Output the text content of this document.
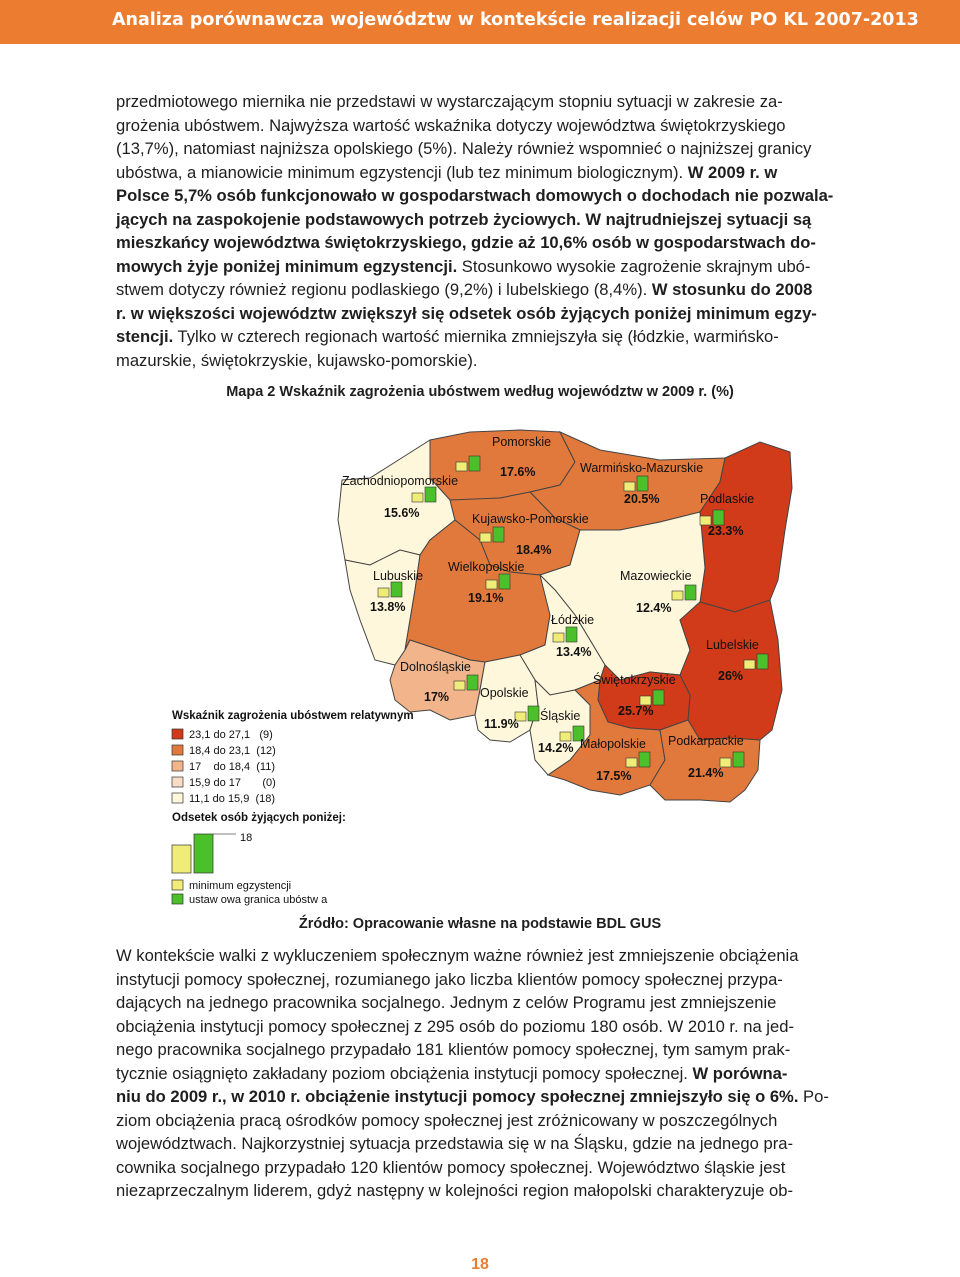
Analiza porównawcza województw w kontekście realizacji celów PO KL 2007-2013
przedmiotowego miernika nie przedstawi w wystarczającym stopniu sytuacji w zakresie za-
grożenia ubóstwem. Najwyższa wartość wskaźnika dotyczy województwa świętokrzyskiego
(13,7%), natomiast najniższa opolskiego (5%). Należy również wspomnieć o najniższej granicy
ubóstwa, a mianowicie minimum egzystencji (lub tez minimum biologicznym). W 2009 r. w
Polsce 5,7% osób funkcjonowało w gospodarstwach domowych o dochodach nie pozwala-
jących na zaspokojenie podstawowych potrzeb życiowych. W najtrudniejszej sytuacji są
mieszkańcy województwa świętokrzyskiego, gdzie aż 10,6% osób w gospodarstwach do-
mowych żyje poniżej minimum egzystencji. Stosunkowo wysokie zagrożenie skrajnym ubó-
stwem dotyczy również regionu podlaskiego (9,2%) i lubelskiego (8,4%). W stosunku do 2008
r. w większości województw zwiększył się odsetek osób żyjących poniżej minimum egzy-
stencji. Tylko w czterech regionach wartość miernika zmniejszyła się (łódzkie, warmińsko-
mazurskie, świętokrzyskie, kujawsko-pomorskie).
Mapa 2 Wskaźnik zagrożenia ubóstwem według województw w 2009 r. (%)
Pomorskie
17.6%	Warmińsko-Mazurskie
20.5%	Podlaskie
23.3%
Zachodniopomorskie
15.6%	Kujawsko-Pomorskie
18.4%
Lubuskie
13.8%
Wielkopolskie
19.1%
Mazowieckie
12.4%
Łódzkie
13.4%	Lubelskie
26%
Dolnośląskie
17%
Świętokrzyskie
25.7%
Opolskie
11.9%
Śląskie
14.2% Małopolskie
17.5%
Podkarpackie
21.4%
Wskaźnik zagrożenia ubóstwem relatywnym
23,1 do 27,1   (9)
18,4 do 23,1  (12)
17    do 18,4  (11)
15,9 do 17       (0)
11,1 do 15,9  (18)
Odsetek osób żyjących poniżej:
18
minimum egzystencji
ustaw owa granica ubóstw a
Źródło: Opracowanie własne na podstawie BDL GUS
W kontekście walki z wykluczeniem społecznym ważne również jest zmniejszenie obciążenia
instytucji pomocy społecznej, rozumianego jako liczba klientów pomocy społecznej przypa-
dających na jednego pracownika socjalnego. Jednym z celów Programu jest zmniejszenie
obciążenia instytucji pomocy społecznej z 295 osób do poziomu 180 osób. W 2010 r. na jed-
nego pracownika socjalnego przypadało 181 klientów pomocy społecznej, tym samym prak-
tycznie osiągnięto zakładany poziom obciążenia instytucji pomocy społecznej. W porówna-
niu do 2009 r., w 2010 r. obciążenie instytucji pomocy społecznej zmniejszyło się o 6%. Po-
ziom obciążenia pracą ośrodków pomocy społecznej jest zróżnicowany w poszczególnych
województwach. Najkorzystniej sytuacja przedstawia się w na Śląsku, gdzie na jednego pra-
cownika socjalnego przypadało 120 klientów pomocy społecznej. Województwo śląskie jest
niezaprzeczalnym liderem, gdyż następny w kolejności region małopolski charakteryzuje ob-
18
